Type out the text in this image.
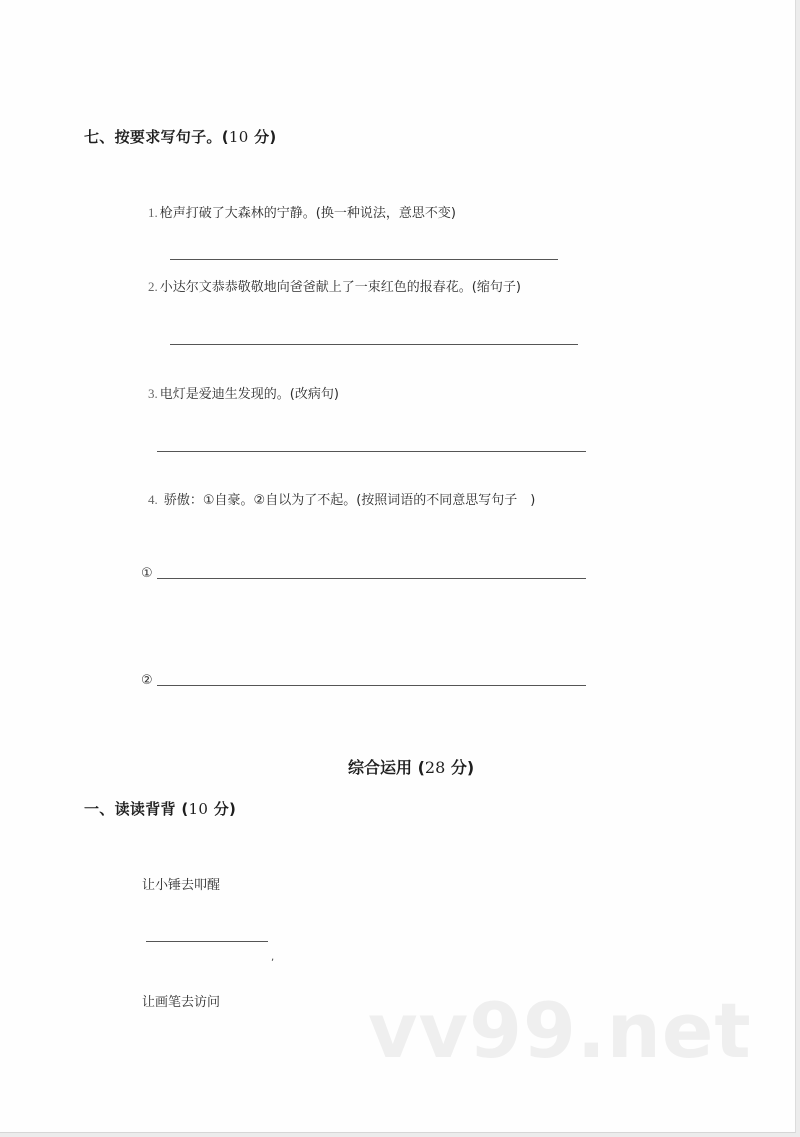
七、按要求写句子。(10 分)
1. 枪声打破了大森林的宁静。(换一种说法，意思不变)
2. 小达尔文恭恭敬敬地向爸爸献上了一束红色的报春花。(缩句子)
3. 电灯是爱迪生发现的。(改病句)
4. 骄傲：①自豪。②自以为了不起。(按照词语的不同意思写句子　)
①
②
综合运用 (28 分)
一、读读背背 (10 分)
让小锤去叩醒
,
让画笔去访问 vv99.net
